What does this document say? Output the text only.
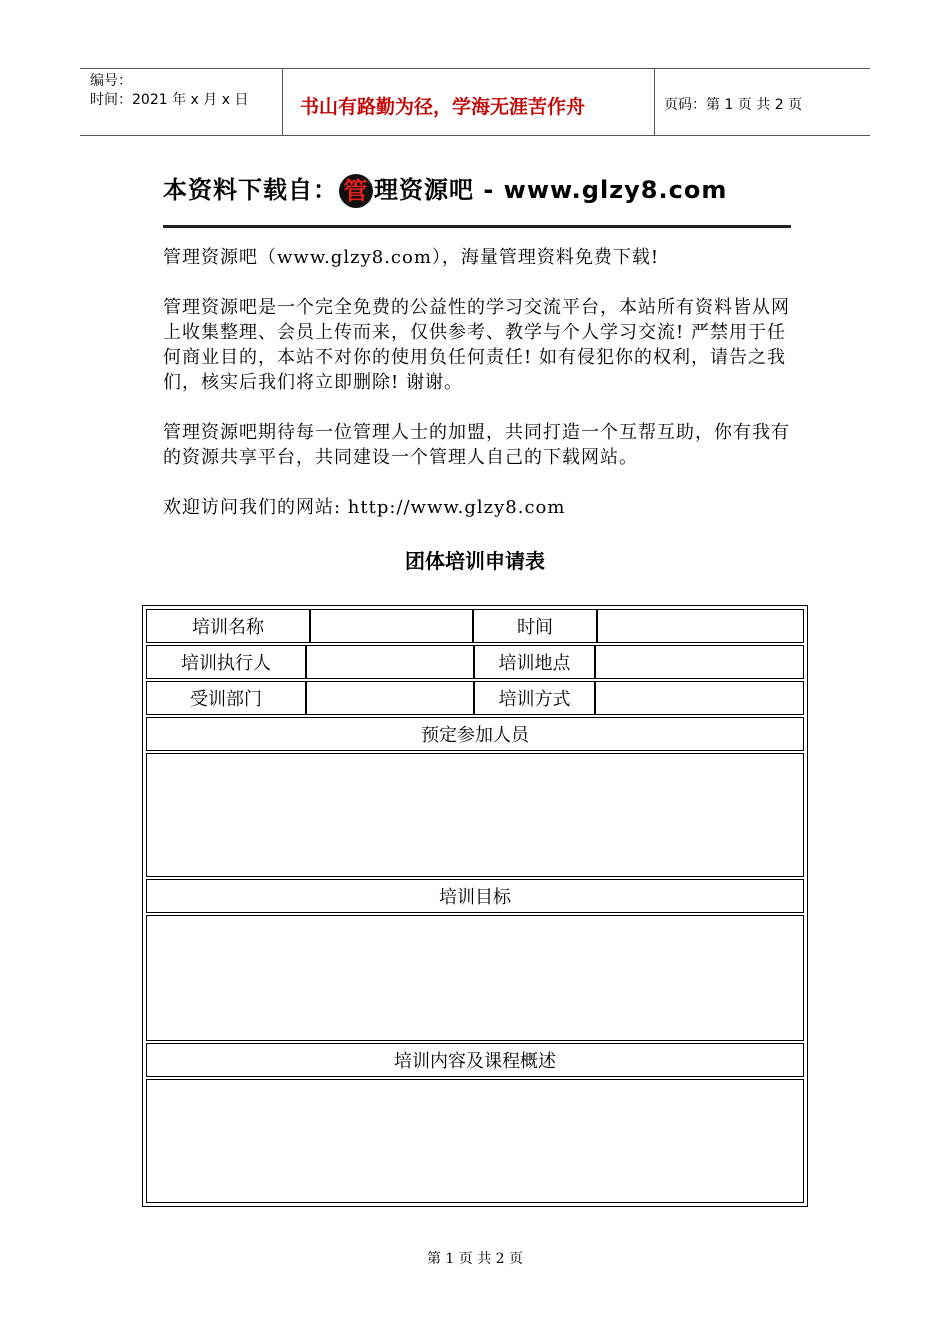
编号：
时间：2021 年 x 月 x 日	书山有路勤为径，学海无涯苦作舟	页码：第 1 页 共 2 页
本资料下载自： 管 理资源吧 - www.glzy8.com
管理资源吧（www.glzy8.com），海量管理资料免费下载!
管理资源吧是一个完全免费的公益性的学习交流平台，本站所有资料皆从网上收集整理、会员上传而来，仅供参考、教学与个人学习交流! 严禁用于任何商业目的，本站不对你的使用负任何责任! 如有侵犯你的权利，请告之我们，核实后我们将立即删除! 谢谢。
管理资源吧期待每一位管理人士的加盟，共同打造一个互帮互助，你有我有的资源共享平台，共同建设一个管理人自己的下载网站。
欢迎访问我们的网站: http://www.glzy8.com
团体培训申请表
培训名称	时间
培训执行人	培训地点
受训部门	培训方式
预定参加人员
培训目标
培训内容及课程概述
第 1 页 共 2 页
